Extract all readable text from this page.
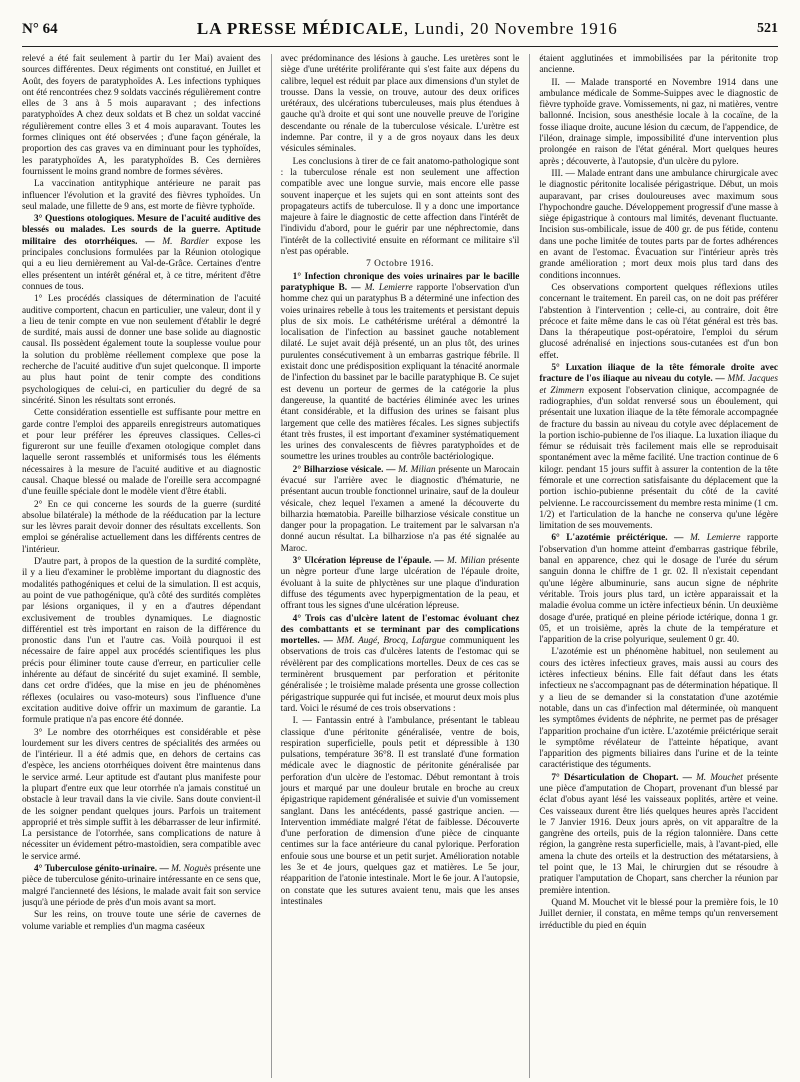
N° 64	LA PRESSE MÉDICALE, Lundi, 20 Novembre 1916	521

relevé a été fait seulement à partir du 1er Mai) avaient des sources différentes. Deux régiments ont constitué, en Juillet et Août, des foyers de paratyphoïdes A. Les infections typhiques ont été rencontrées chez 9 soldats vaccinés régulièrement contre elles de 3 ans à 5 mois auparavant ; des infections paratyphoïdes A chez deux soldats et B chez un soldat vacciné régulièrement contre elles 3 et 4 mois auparavant. Toutes les formes cliniques ont été observées ; d'une façon générale, la proportion des cas graves va en diminuant pour les typhoïdes, les paratyphoïdes A, les paratyphoïdes B. Ces dernières fournissent le moins grand nombre de formes sévères.

La vaccination antityphique antérieure ne parait pas influencer l'évolution et la gravité des fièvres typhoïdes. Un seul malade, une fillette de 9 ans, est morte de fièvre typhoïde.

3° Questions otologiques. Mesure de l'acuité auditive des blessés ou malades. Les sourds de la guerre. Aptitude militaire des otorrhéiques. — M. Bardier expose les principales conclusions formulées par la Réunion otologique qui a eu lieu dernièrement au Val-de-Grâce. Certaines d'entre elles présentent un intérêt général et, à ce titre, méritent d'être connues de tous.

1° Les procédés classiques de détermination de l'acuité auditive comportent, chacun en particulier, une valeur, dont il y a lieu de tenir compte en vue non seulement d'établir le degré de surdité, mais aussi de donner une base solide au diagnostic causal. Ils possèdent également toute la souplesse voulue pour la solution du problème réellement complexe que pose la recherche de l'acuité auditive d'un sujet quelconque. Il importe au plus haut point de tenir compte des conditions psychologiques de celui-ci, en particulier du degré de sa sincérité. Sinon les résultats sont erronés.

Cette considération essentielle est suffisante pour mettre en garde contre l'emploi des appareils enregistreurs automatiques et pour leur préférer les épreuves classiques. Celles-ci figureront sur une feuille d'examen otologique complet dans laquelle seront rassemblés et uniformisés tous les éléments nécessaires à la mesure de l'acuité auditive et au diagnostic causal. Chaque blessé ou malade de l'oreille sera accompagné d'une feuille spéciale dont le modèle vient d'être établi.

2° En ce qui concerne les sourds de la guerre (surdité absolue bilatérale) la méthode de la rééducation par la lecture sur les lèvres parait devoir donner des résultats excellents. Son emploi se généralise actuellement dans les différents centres de l'intérieur.

D'autre part, à propos de la question de la surdité complète, il y a lieu d'examiner le problème important du diagnostic des modalités pathogéniques et celui de la simulation. Il est acquis, au point de vue pathogénique, qu'à côté des surdités complètes par lésions organiques, il y en a d'autres dépendant exclusivement de troubles dynamiques. Le diagnostic différentiel est très important en raison de la différence du pronostic dans l'un et l'autre cas. Voilà pourquoi il est nécessaire de faire appel aux procédés scientifiques les plus précis pour éliminer toute cause d'erreur, en particulier celle inhérente au défaut de sincérité du sujet examiné. Il semble, dans cet ordre d'idées, que la mise en jeu de phénomènes réflexes (oculaires ou vaso-moteurs) sous l'influence d'une excitation auditive doive offrir un maximum de garantie. La formule pratique n'a pas encore été donnée.

3° Le nombre des otorrhéiques est considérable et pèse lourdement sur les divers centres de spécialités des armées ou de l'intérieur. Il a été admis que, en dehors de certains cas d'espèce, les anciens otorrhéiques doivent être maintenus dans le service armé. Leur aptitude est d'autant plus manifeste pour la plupart d'entre eux que leur otorrhée n'a jamais constitué un obstacle à leur travail dans la vie civile. Sans doute convient-il de les soigner pendant quelques jours. Parfois un traitement approprié et très simple suffit à les débarrasser de leur infirmité. La persistance de l'otorrhée, sans complications de nature à nécessiter un évidement pétro-mastoïdien, sera compatible avec le service armé.

4° Tuberculose génito-urinaire. — M. Noguès présente une pièce de tuberculose génito-urinaire intéressante en ce sens que, malgré l'ancienneté des lésions, le malade avait fait son service jusqu'à une période de près d'un mois avant sa mort.

Sur les reins, on trouve toute une série de cavernes de volume variable et remplies d'un magma caséeux

avec prédominance des lésions à gauche. Les uretères sont le siège d'une urétérite proliférante qui s'est faite aux dépens du calibre, lequel est réduit par place aux dimensions d'un stylet de trousse. Dans la vessie, on trouve, autour des deux orifices urétéraux, des ulcérations tuberculeuses, mais plus étendues à gauche qu'à droite et qui sont une nouvelle preuve de l'origine descendante ou rénale de la tuberculose vésicale. L'urètre est indemne. Par contre, il y a de gros noyaux dans les deux vésicules séminales.

Les conclusions à tirer de ce fait anatomo-pathologique sont : la tuberculose rénale est non seulement une affection compatible avec une longue survie, mais encore elle passe souvent inaperçue et les sujets qui en sont atteints sont des propagateurs actifs de tuberculose. Il y a donc une importance majeure à faire le diagnostic de cette affection dans l'intérêt de l'individu d'abord, pour le guérir par une néphrectomie, dans l'intérêt de la collectivité ensuite en réformant ce militaire s'il n'est pas opérable.

7 Octobre 1916.

1° Infection chronique des voies urinaires par le bacille paratyphique B. — M. Lemierre rapporte l'observation d'un homme chez qui un paratyphus B a déterminé une infection des voies urinaires rebelle à tous les traitements et persistant depuis plus de six mois. Le cathétérisme urétéral a démontré la localisation de l'infection au bassinet gauche notablement dilaté. Le sujet avait déjà présenté, un an plus tôt, des urines purulentes consécutivement à un embarras gastrique fébrile. Il existait donc une prédisposition expliquant la ténacité anormale de l'infection du bassinet par le bacille paratyphique B. Ce sujet est devenu un porteur de germes de la catégorie la plus dangereuse, la quantité de bactéries éliminée avec les urines étant considérable, et la diffusion des urines se faisant plus largement que celle des matières fécales. Les signes subjectifs étant très frustes, il est important d'examiner systématiquement les urines des convalescents de fièvres paratyphoïdes et de soumettre les urines troubles au contrôle bactériologique.

2° Bilharziose vésicale. — M. Milian présente un Marocain évacué sur l'arrière avec le diagnostic d'hématurie, ne présentant aucun trouble fonctionnel urinaire, sauf de la douleur vésicale, chez lequel l'examen a amené la découverte du bilharzia hœmatobia. Pareille bilharziose vésicale constitue un danger pour la propagation. Le traitement par le salvarsan n'a donné aucun résultat. La bilharziose n'a pas été signalée au Maroc.

3° Ulcération lépreuse de l'épaule. — M. Milian présente un nègre porteur d'une large ulcération de l'épaule droite, évoluant à la suite de phlyctènes sur une plaque d'induration diffuse des téguments avec hyperpigmentation de la peau, et offrant tous les signes d'une ulcération lépreuse.

4° Trois cas d'ulcère latent de l'estomac évoluant chez des combattants et se terminant par des complications mortelles. — MM. Augé, Brocq, Lafargue communiquent les observations de trois cas d'ulcères latents de l'estomac qui se révèlèrent par des complications mortelles. Deux de ces cas se terminèrent brusquement par perforation et péritonite généralisée ; le troisième malade présenta une grosse collection périgastrique suppurée qui fut incisée, et mourut deux mois plus tard. Voici le résumé de ces trois observations :

I. — Fantassin entré à l'ambulance, présentant le tableau classique d'une péritonite généralisée, ventre de bois, respiration superficielle, pouls petit et dépressible à 130 pulsations, température 36°8. Il est translaté d'une formation médicale avec le diagnostic de péritonite généralisée par perforation d'un ulcère de l'estomac. Début remontant à trois jours et marqué par une douleur brutale en broche au creux épigastrique rapidement généralisée et suivie d'un vomissement sanglant. Dans les antécédents, passé gastrique ancien. — Intervention immédiate malgré l'état de faiblesse. Découverte d'une perforation de dimension d'une pièce de cinquante centimes sur la face antérieure du canal pylorique. Perforation enfouie sous une bourse et un petit surjet. Amélioration notable les 3e et 4e jours, quelques gaz et matières. Le 5e jour, réapparition de l'atonie intestinale. Mort le 6e jour. A l'autopsie, on constate que les sutures avaient tenu, mais que les anses intestinales

étaient agglutinées et immobilisées par la péritonite trop ancienne.

II. — Malade transporté en Novembre 1914 dans une ambulance médicale de Somme-Suippes avec le diagnostic de fièvre typhoïde grave. Vomissements, ni gaz, ni matières, ventre ballonné. Incision, sous anesthésie locale à la cocaïne, de la fosse iliaque droite, aucune lésion du cæcum, de l'appendice, de l'iléon, drainage simple, impossibilité d'une intervention plus prolongée en raison de l'état général. Mort quelques heures après ; découverte, à l'autopsie, d'un ulcère du pylore.

III. — Malade entrant dans une ambulance chirurgicale avec le diagnostic péritonite localisée périgastrique. Début, un mois auparavant, par crises douloureuses avec maximum sous l'hypochondre gauche. Développement progressif d'une masse à siège épigastrique à contours mal limités, devenant fluctuante. Incision sus-ombilicale, issue de 400 gr. de pus fétide, contenu dans une poche limitée de toutes parts par de fortes adhérences en avant de l'estomac. Évacuation sur l'intérieur après très grande amélioration ; mort deux mois plus tard dans des conditions inconnues.

Ces observations comportent quelques réflexions utiles concernant le traitement. En pareil cas, on ne doit pas préférer l'abstention à l'intervention ; celle-ci, au contraire, doit être précoce et faite même dans le cas où l'état général est très bas. Dans la thérapeutique post-opératoire, l'emploi du sérum glucosé adrénalisé en injections sous-cutanées est d'un bon effet.

5° Luxation iliaque de la tête fémorale droite avec fracture de l'os iliaque au niveau du cotyle. — MM. Jacques et Zimmern exposent l'observation clinique, accompagnée de radiographies, d'un soldat renversé sous un éboulement, qui présentait une luxation iliaque de la tête fémorale accompagnée de fracture du bassin au niveau du cotyle avec déplacement de la portion ischio-pubienne de l'os iliaque. La luxation iliaque du fémur se réduisait très facilement mais elle se reproduisait spontanément avec la même facilité. Une traction continue de 6 kilogr. pendant 15 jours suffit à assurer la contention de la tête fémorale et une correction satisfaisante du déplacement que la portion ischio-pubienne présentait du côté de la cavité pelvienne. Le raccourcissement du membre resta minime (1 cm. 1/2) et l'articulation de la hanche ne conserva qu'une légère limitation de ses mouvements.

6° L'azotémie préictérique. — M. Lemierre rapporte l'observation d'un homme atteint d'embarras gastrique fébrile, banal en apparence, chez qui le dosage de l'urée du sérum sanguin donna le chiffre de 1 gr. 02. Il n'existait cependant qu'une légère albuminurie, sans aucun signe de néphrite véritable. Trois jours plus tard, un ictère apparaissait et la maladie évolua comme un ictère infectieux bénin. Un deuxième dosage d'urée, pratiqué en pleine période ictérique, donna 1 gr. 05, et un troisième, après la chute de la température et l'apparition de la crise polyurique, seulement 0 gr. 40.

L'azotémie est un phénomène habituel, non seulement au cours des ictères infectieux graves, mais aussi au cours des ictères infectieux bénins. Elle fait défaut dans les états infectieux ne s'accompagnant pas de détermination hépatique. Il y a lieu de se demander si la constatation d'une azotémie notable, dans un cas d'infection mal déterminée, où manquent les symptômes évidents de néphrite, ne permet pas de présager l'apparition prochaine d'un ictère. L'azotémie préictérique serait le symptôme révélateur de l'atteinte hépatique, avant l'apparition des pigments biliaires dans l'urine et de la teinte caractéristique des téguments.

7° Désarticulation de Chopart. — M. Mouchet présente une pièce d'amputation de Chopart, provenant d'un blessé par éclat d'obus ayant lésé les vaisseaux poplités, artère et veine. Ces vaisseaux durent être liés quelques heures après l'accident le 7 Janvier 1916. Deux jours après, on vit apparaître de la gangrène des orteils, puis de la région talonnière. Dans cette région, la gangrène resta superficielle, mais, à l'avant-pied, elle amena la chute des orteils et la destruction des métatarsiens, à tel point que, le 13 Mai, le chirurgien dut se résoudre à pratiquer l'amputation de Chopart, sans chercher la réunion par première intention.

Quand M. Mouchet vit le blessé pour la première fois, le 10 Juillet dernier, il constata, en même temps qu'un renversement irréductible du pied en équin
